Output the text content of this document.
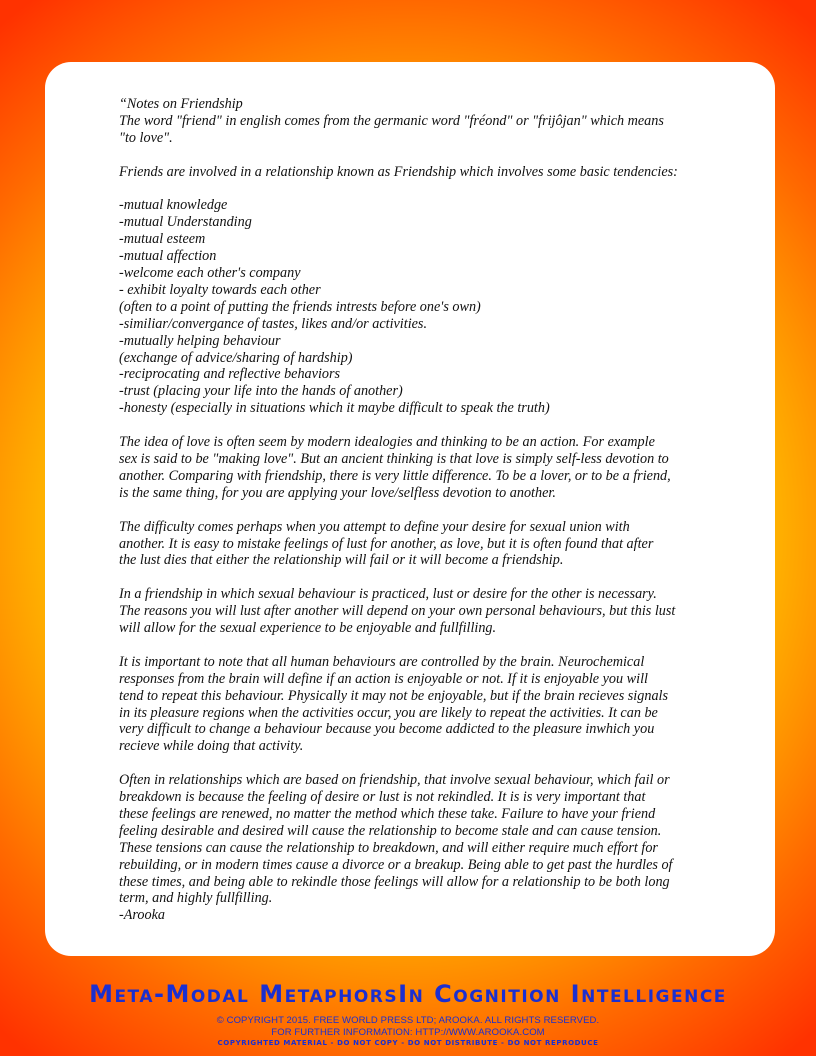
“Notes on Friendship
The word "friend" in english comes from the germanic word "fréond" or "frijôjan" which means
"to love".
Friends are involved in a relationship known as Friendship which involves some basic tendencies:
-mutual knowledge
-mutual Understanding
-mutual esteem
-mutual affection
-welcome each other's company
- exhibit loyalty towards each other
(often to a point of putting the friends intrests before one's own)
-similiar/convergance of tastes, likes and/or activities.
-mutually helping behaviour
(exchange of advice/sharing of hardship)
-reciprocating and reflective behaviors
-trust (placing your life into the hands of another)
-honesty (especially in situations which it maybe difficult to speak the truth)
The idea of love is often seem by modern idealogies and thinking to be an action. For example
sex is said to be "making love". But an ancient thinking is that love is simply self-less devotion to
another. Comparing with friendship, there is very little difference. To be a lover, or to be a friend,
is the same thing, for you are applying your love/selfless devotion to another.
The difficulty comes perhaps when you attempt to define your desire for sexual union with
another. It is easy to mistake feelings of lust for another, as love, but it is often found that after
the lust dies that either the relationship will fail or it will become a friendship.
In a friendship in which sexual behaviour is practiced, lust or desire for the other is necessary.
The reasons you will lust after another will depend on your own personal behaviours, but this lust
will allow for the sexual experience to be enjoyable and fullfilling.
It is important to note that all human behaviours are controlled by the brain. Neurochemical
responses from the brain will define if an action is enjoyable or not. If it is enjoyable you will
tend to repeat this behaviour. Physically it may not be enjoyable, but if the brain recieves signals
in its pleasure regions when the activities occur, you are likely to repeat the activities. It can be
very difficult to change a behaviour because you become addicted to the pleasure inwhich you
recieve while doing that activity.
Often in relationships which are based on friendship, that involve sexual behaviour, which fail or
breakdown is because the feeling of desire or lust is not rekindled. It is is very important that
these feelings are renewed, no matter the method which these take. Failure to have your friend
feeling desirable and desired will cause the relationship to become stale and can cause tension.
These tensions can cause the relationship to breakdown, and will either require much effort for
rebuilding, or in modern times cause a divorce or a breakup. Being able to get past the hurdles of
these times, and being able to rekindle those feelings will allow for a relationship to be both long
term, and highly fullfilling.
-Arooka
Meta-Modal MetaphorsIn Cognition Intelligence
© COPYRIGHT 2015. FREE WORLD PRESS LTD; AROOKA. ALL RIGHTS RESERVED.
FOR FURTHER INFORMATION: HTTP://WWW.AROOKA.COM
COPYRIGHTED MATERIAL - DO NOT COPY - DO NOT DISTRIBUTE - DO NOT REPRODUCE
